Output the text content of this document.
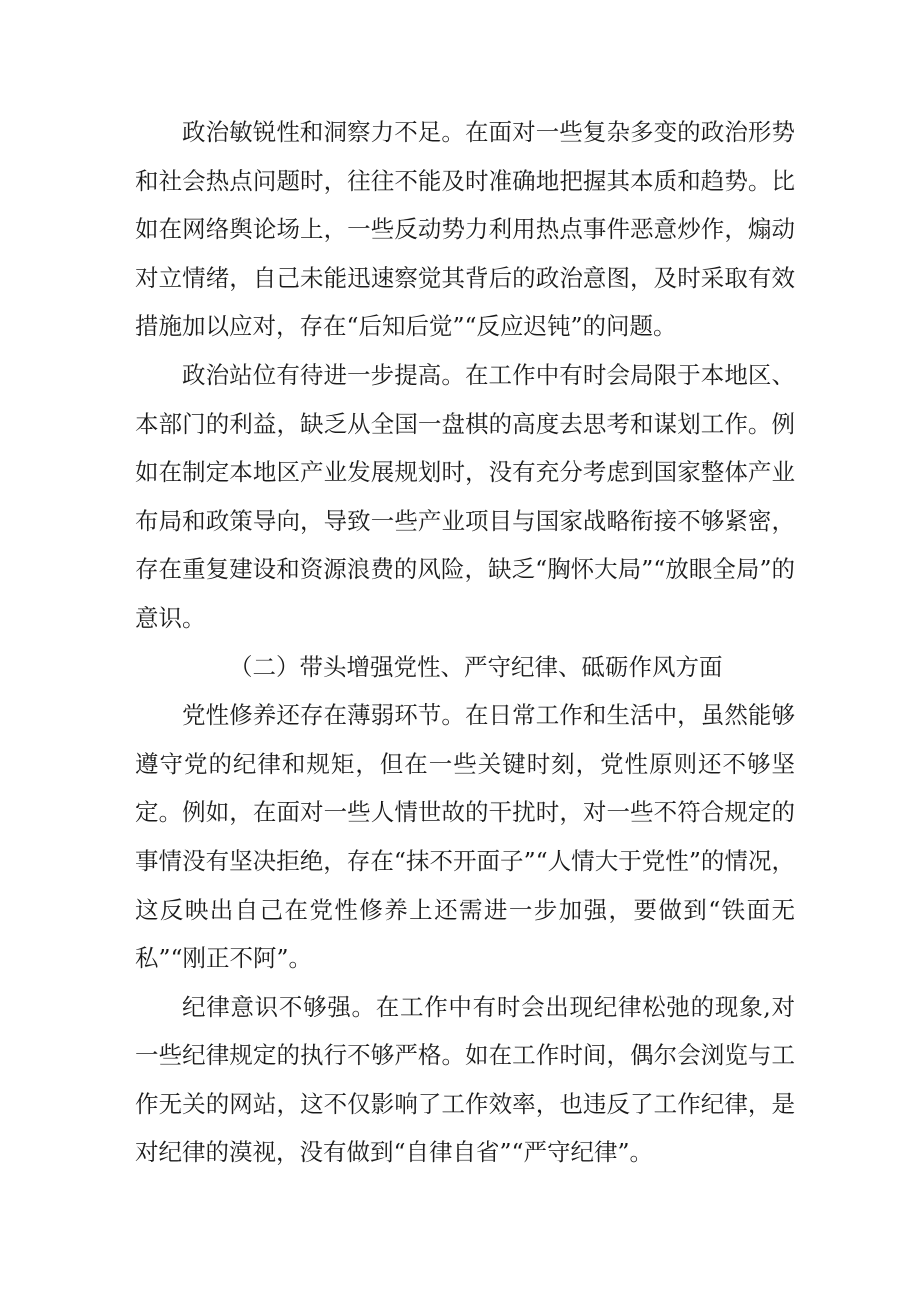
政治敏锐性和洞察力不足。在面对一些复杂多变的政治形势和社会热点问题时，往往不能及时准确地把握其本质和趋势。比如在网络舆论场上，一些反动势力利用热点事件恶意炒作，煽动对立情绪，自己未能迅速察觉其背后的政治意图，及时采取有效措施加以应对，存在“后知后觉”“反应迟钝”的问题。

政治站位有待进一步提高。在工作中有时会局限于本地区、本部门的利益，缺乏从全国一盘棋的高度去思考和谋划工作。例如在制定本地区产业发展规划时，没有充分考虑到国家整体产业布局和政策导向，导致一些产业项目与国家战略衔接不够紧密，存在重复建设和资源浪费的风险，缺乏“胸怀大局”“放眼全局”的意识。

（二）带头增强党性、严守纪律、砥砺作风方面

党性修养还存在薄弱环节。在日常工作和生活中，虽然能够遵守党的纪律和规矩，但在一些关键时刻，党性原则还不够坚定。例如，在面对一些人情世故的干扰时，对一些不符合规定的事情没有坚决拒绝，存在“抹不开面子”“人情大于党性”的情况，这反映出自己在党性修养上还需进一步加强，要做到“铁面无私”“刚正不阿”。

纪律意识不够强。在工作中有时会出现纪律松弛的现象,对一些纪律规定的执行不够严格。如在工作时间，偶尔会浏览与工作无关的网站，这不仅影响了工作效率，也违反了工作纪律，是对纪律的漠视，没有做到“自律自省”“严守纪律”。
